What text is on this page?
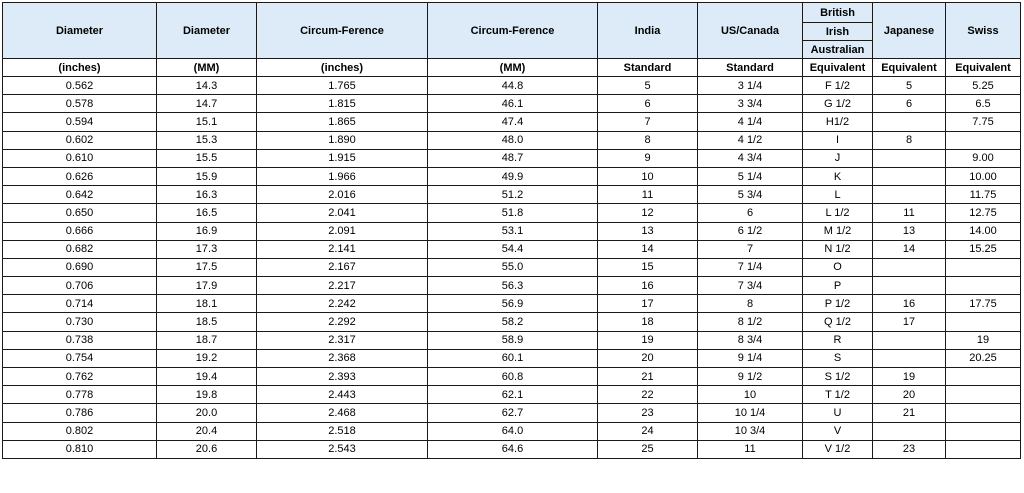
Diameter	Diameter	Circum-Ference	Circum-Ference	India	US/Canada	British	Japanese	Swiss
						Irish		
						Australian		
(inches)	(MM)	(inches)	(MM)	Standard	Standard	Equivalent	Equivalent	Equivalent
0.562	14.3	1.765	44.8	5	3 1/4	F 1/2	5	5.25
0.578	14.7	1.815	46.1	6	3 3/4	G 1/2	6	6.5
0.594	15.1	1.865	47.4	7	4 1/4	H1/2		7.75
0.602	15.3	1.890	48.0	8	4 1/2	I	8	
0.610	15.5	1.915	48.7	9	4 3/4	J		9.00
0.626	15.9	1.966	49.9	10	5 1/4	K		10.00
0.642	16.3	2.016	51.2	11	5 3/4	L		11.75
0.650	16.5	2.041	51.8	12	6	L 1/2	11	12.75
0.666	16.9	2.091	53.1	13	6 1/2	M 1/2	13	14.00
0.682	17.3	2.141	54.4	14	7	N 1/2	14	15.25
0.690	17.5	2.167	55.0	15	7 1/4	O		
0.706	17.9	2.217	56.3	16	7 3/4	P		
0.714	18.1	2.242	56.9	17	8	P 1/2	16	17.75
0.730	18.5	2.292	58.2	18	8 1/2	Q 1/2	17	
0.738	18.7	2.317	58.9	19	8 3/4	R		19
0.754	19.2	2.368	60.1	20	9 1/4	S		20.25
0.762	19.4	2.393	60.8	21	9 1/2	S 1/2	19	
0.778	19.8	2.443	62.1	22	10	T 1/2	20	
0.786	20.0	2.468	62.7	23	10 1/4	U	21	
0.802	20.4	2.518	64.0	24	10 3/4	V		
0.810	20.6	2.543	64.6	25	11	V 1/2	23	
